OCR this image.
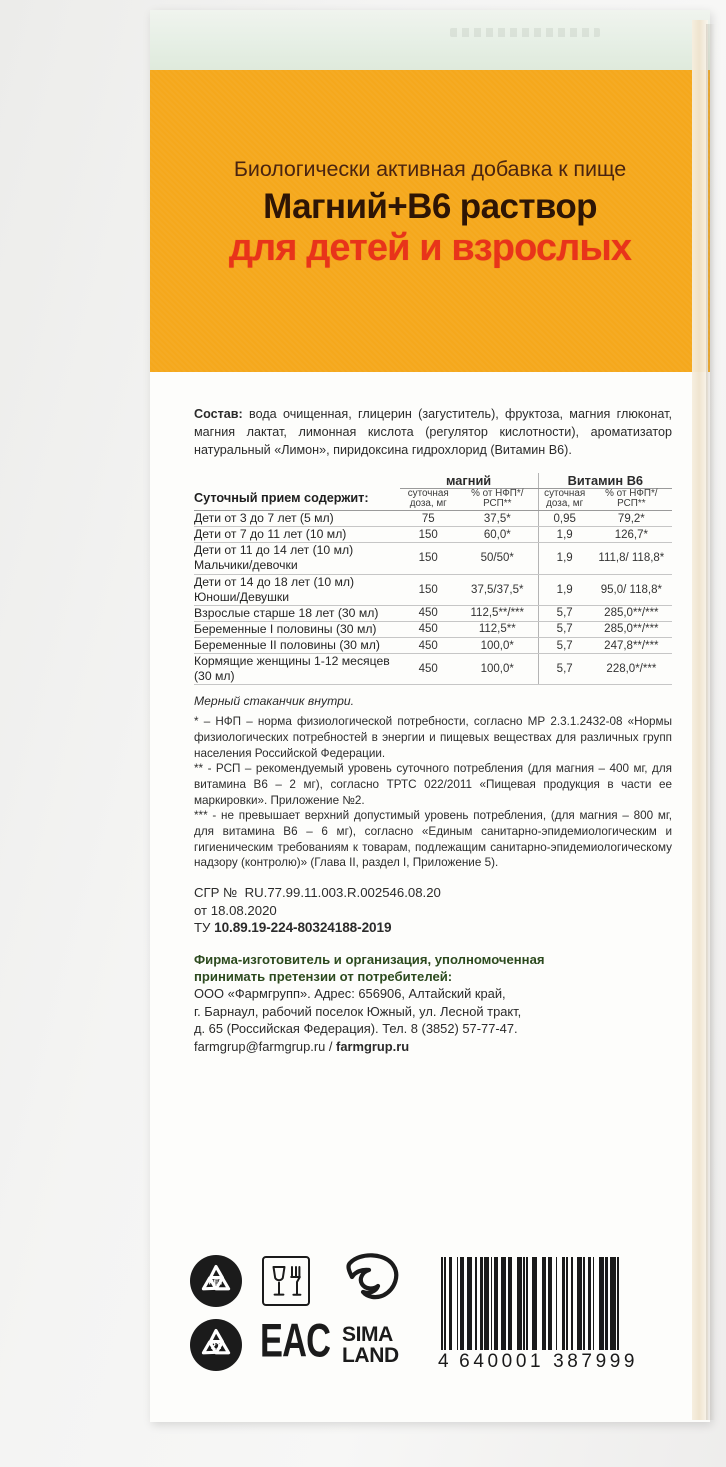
Биологически активная добавка к пище
Магний+B6 раствор
для детей и взрослых
Состав: вода очищенная, глицерин (загуститель), фруктоза, магния глюконат, магния лактат, лимонная кислота (регулятор кислотности), ароматизатор натуральный «Лимон», пиридоксина гидрохлорид (Витамин B6).
	магний		Витамин B6	
Суточный прием содержит:	суточная доза, мг	% от НФП*/ РСП**	суточная доза, мг	% от НФП*/ РСП**
Дети от 3 до 7 лет (5 мл)	75	37,5*	0,95	79,2*
Дети от 7 до 11 лет (10 мл)	150	60,0*	1,9	126,7*
Дети от 11 до 14 лет (10 мл) Мальчики/девочки	150	50/50*	1,9	111,8/ 118,8*
Дети от 14 до 18 лет (10 мл) Юноши/Девушки	150	37,5/37,5*	1,9	95,0/ 118,8*
Взрослые старше 18 лет (30 мл)	450	112,5**/***	5,7	285,0**/***
Беременные I половины (30 мл)	450	112,5**	5,7	285,0**/***
Беременные II половины (30 мл)	450	100,0*	5,7	247,8**/***
Кормящие женщины 1-12 месяцев (30 мл)	450	100,0*	5,7	228,0*/***
Мерный стаканчик внутри.

* – НФП – норма физиологической потребности, согласно МР 2.3.1.2432-08 «Нормы физиологических потребностей в энергии и пищевых веществах для различных групп населения Российской Федерации.

** - РСП – рекомендуемый уровень суточного потребления (для магния – 400 мг, для витамина B6 – 2 мг), согласно ТРТС 022/2011 «Пищевая продукция в части ее маркировки». Приложение №2.

*** - не превышает верхний допустимый уровень потребления, (для магния – 800 мг, для витамина B6 – 6 мг), согласно «Единым санитарно-эпидемиологическим и гигиеническим требованиям к товарам, подлежащим санитарно-эпидемиологическому надзору (контролю)» (Глава II, раздел I, Приложение 5).

СГР № RU.77.99.11.003.R.002546.08.20
от 18.08.2020
ТУ 10.89.19-224-80324188-2019
Фирма-изготовитель и организация, уполномоченная
принимать претензии от потребителей:
ООО «Фармгрупп». Адрес: 656906, Алтайский край,
г. Барнаул, рабочий поселок Южный, ул. Лесной тракт,
д. 65 (Российская Федерация). Тел. 8 (3852) 57-77-47.
farmgrup@farmgrup.ru / farmgrup.ru
PET
21 EAC SIMA
LAND 4 640001 387999
